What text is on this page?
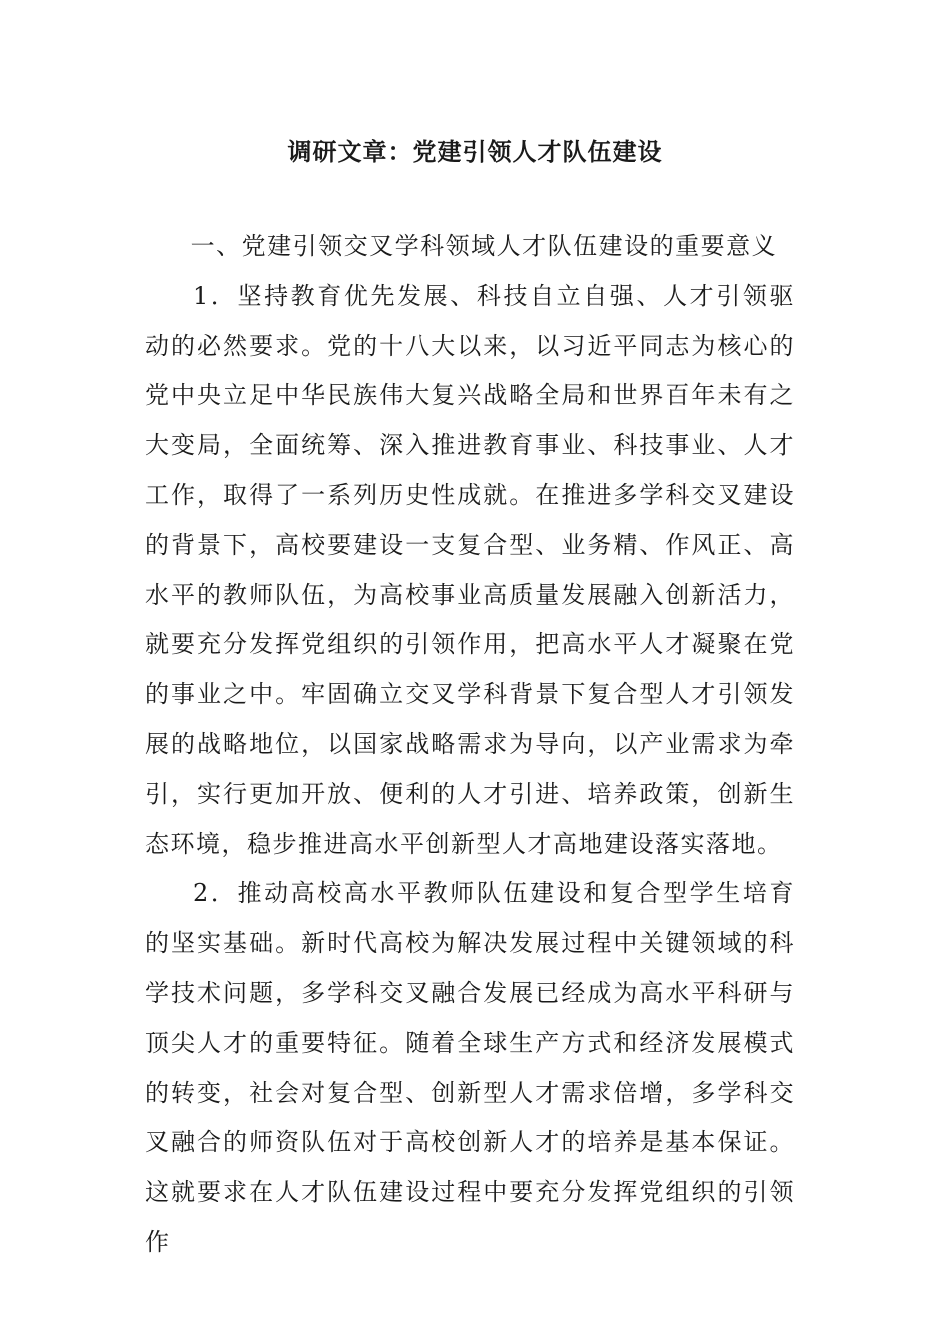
调研文章：党建引领人才队伍建设

一、党建引领交叉学科领域人才队伍建设的重要意义

1．坚持教育优先发展、科技自立自强、人才引领驱动的必然要求。党的十八大以来，以习近平同志为核心的党中央立足中华民族伟大复兴战略全局和世界百年未有之大变局，全面统筹、深入推进教育事业、科技事业、人才工作，取得了一系列历史性成就。在推进多学科交叉建设的背景下，高校要建设一支复合型、业务精、作风正、高水平的教师队伍，为高校事业高质量发展融入创新活力，就要充分发挥党组织的引领作用，把高水平人才凝聚在党的事业之中。牢固确立交叉学科背景下复合型人才引领发展的战略地位，以国家战略需求为导向，以产业需求为牵引，实行更加开放、便利的人才引进、培养政策，创新生态环境，稳步推进高水平创新型人才高地建设落实落地。

2．推动高校高水平教师队伍建设和复合型学生培育的坚实基础。新时代高校为解决发展过程中关键领域的科学技术问题，多学科交叉融合发展已经成为高水平科研与顶尖人才的重要特征。随着全球生产方式和经济发展模式的转变，社会对复合型、创新型人才需求倍增，多学科交叉融合的师资队伍对于高校创新人才的培养是基本保证。这就要求在人才队伍建设过程中要充分发挥党组织的引领作
